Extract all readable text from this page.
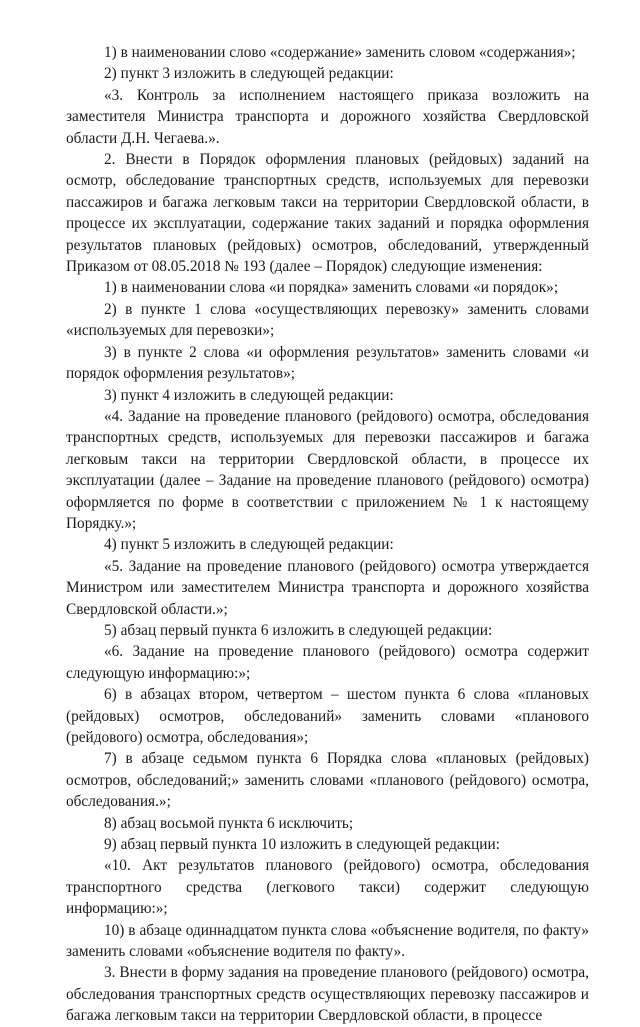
1) в наименовании слово «содержание» заменить словом «содержания»;

2) пункт 3 изложить в следующей редакции:

«3. Контроль за исполнением настоящего приказа возложить на заместителя Министра транспорта и дорожного хозяйства Свердловской области Д.Н. Чегаева.».

2. Внести в Порядок оформления плановых (рейдовых) заданий на осмотр, обследование транспортных средств, используемых для перевозки пассажиров и багажа легковым такси на территории Свердловской области, в процессе их эксплуатации, содержание таких заданий и порядка оформления результатов плановых (рейдовых) осмотров, обследований, утвержденный Приказом от 08.05.2018 № 193 (далее – Порядок) следующие изменения:

1) в наименовании слова «и порядка» заменить словами «и порядок»;

2) в пункте 1 слова «осуществляющих перевозку» заменить словами «используемых для перевозки»;

3) в пункте 2 слова «и оформления результатов» заменить словами «и порядок оформления результатов»;

3) пункт 4 изложить в следующей редакции:

«4. Задание на проведение планового (рейдового) осмотра, обследования транспортных средств, используемых для перевозки пассажиров и багажа легковым такси на территории Свердловской области, в процессе их эксплуатации (далее – Задание на проведение планового (рейдового) осмотра) оформляется по форме в соответствии с приложением № 1 к настоящему Порядку.»;

4) пункт 5 изложить в следующей редакции:

«5. Задание на проведение планового (рейдового) осмотра утверждается Министром или заместителем Министра транспорта и дорожного хозяйства Свердловской области.»;

5) абзац первый пункта 6 изложить в следующей редакции:

«6. Задание на проведение планового (рейдового) осмотра содержит следующую информацию:»;

6) в абзацах втором, четвертом – шестом пункта 6 слова «плановых (рейдовых) осмотров, обследований» заменить словами «планового (рейдового) осмотра, обследования»;

7) в абзаце седьмом пункта 6 Порядка слова «плановых (рейдовых) осмотров, обследований;» заменить словами «планового (рейдового) осмотра, обследования.»;

8) абзац восьмой пункта 6 исключить;

9) абзац первый пункта 10 изложить в следующей редакции:

«10. Акт результатов планового (рейдового) осмотра, обследования транспортного средства (легкового такси) содержит следующую информацию:»;

10) в абзаце одиннадцатом пункта слова «объяснение водителя, по факту» заменить словами «объяснение водителя по факту».

3. Внести в форму задания на проведение планового (рейдового) осмотра, обследования транспортных средств осуществляющих перевозку пассажиров и багажа легковым такси на территории Свердловской области, в процессе
